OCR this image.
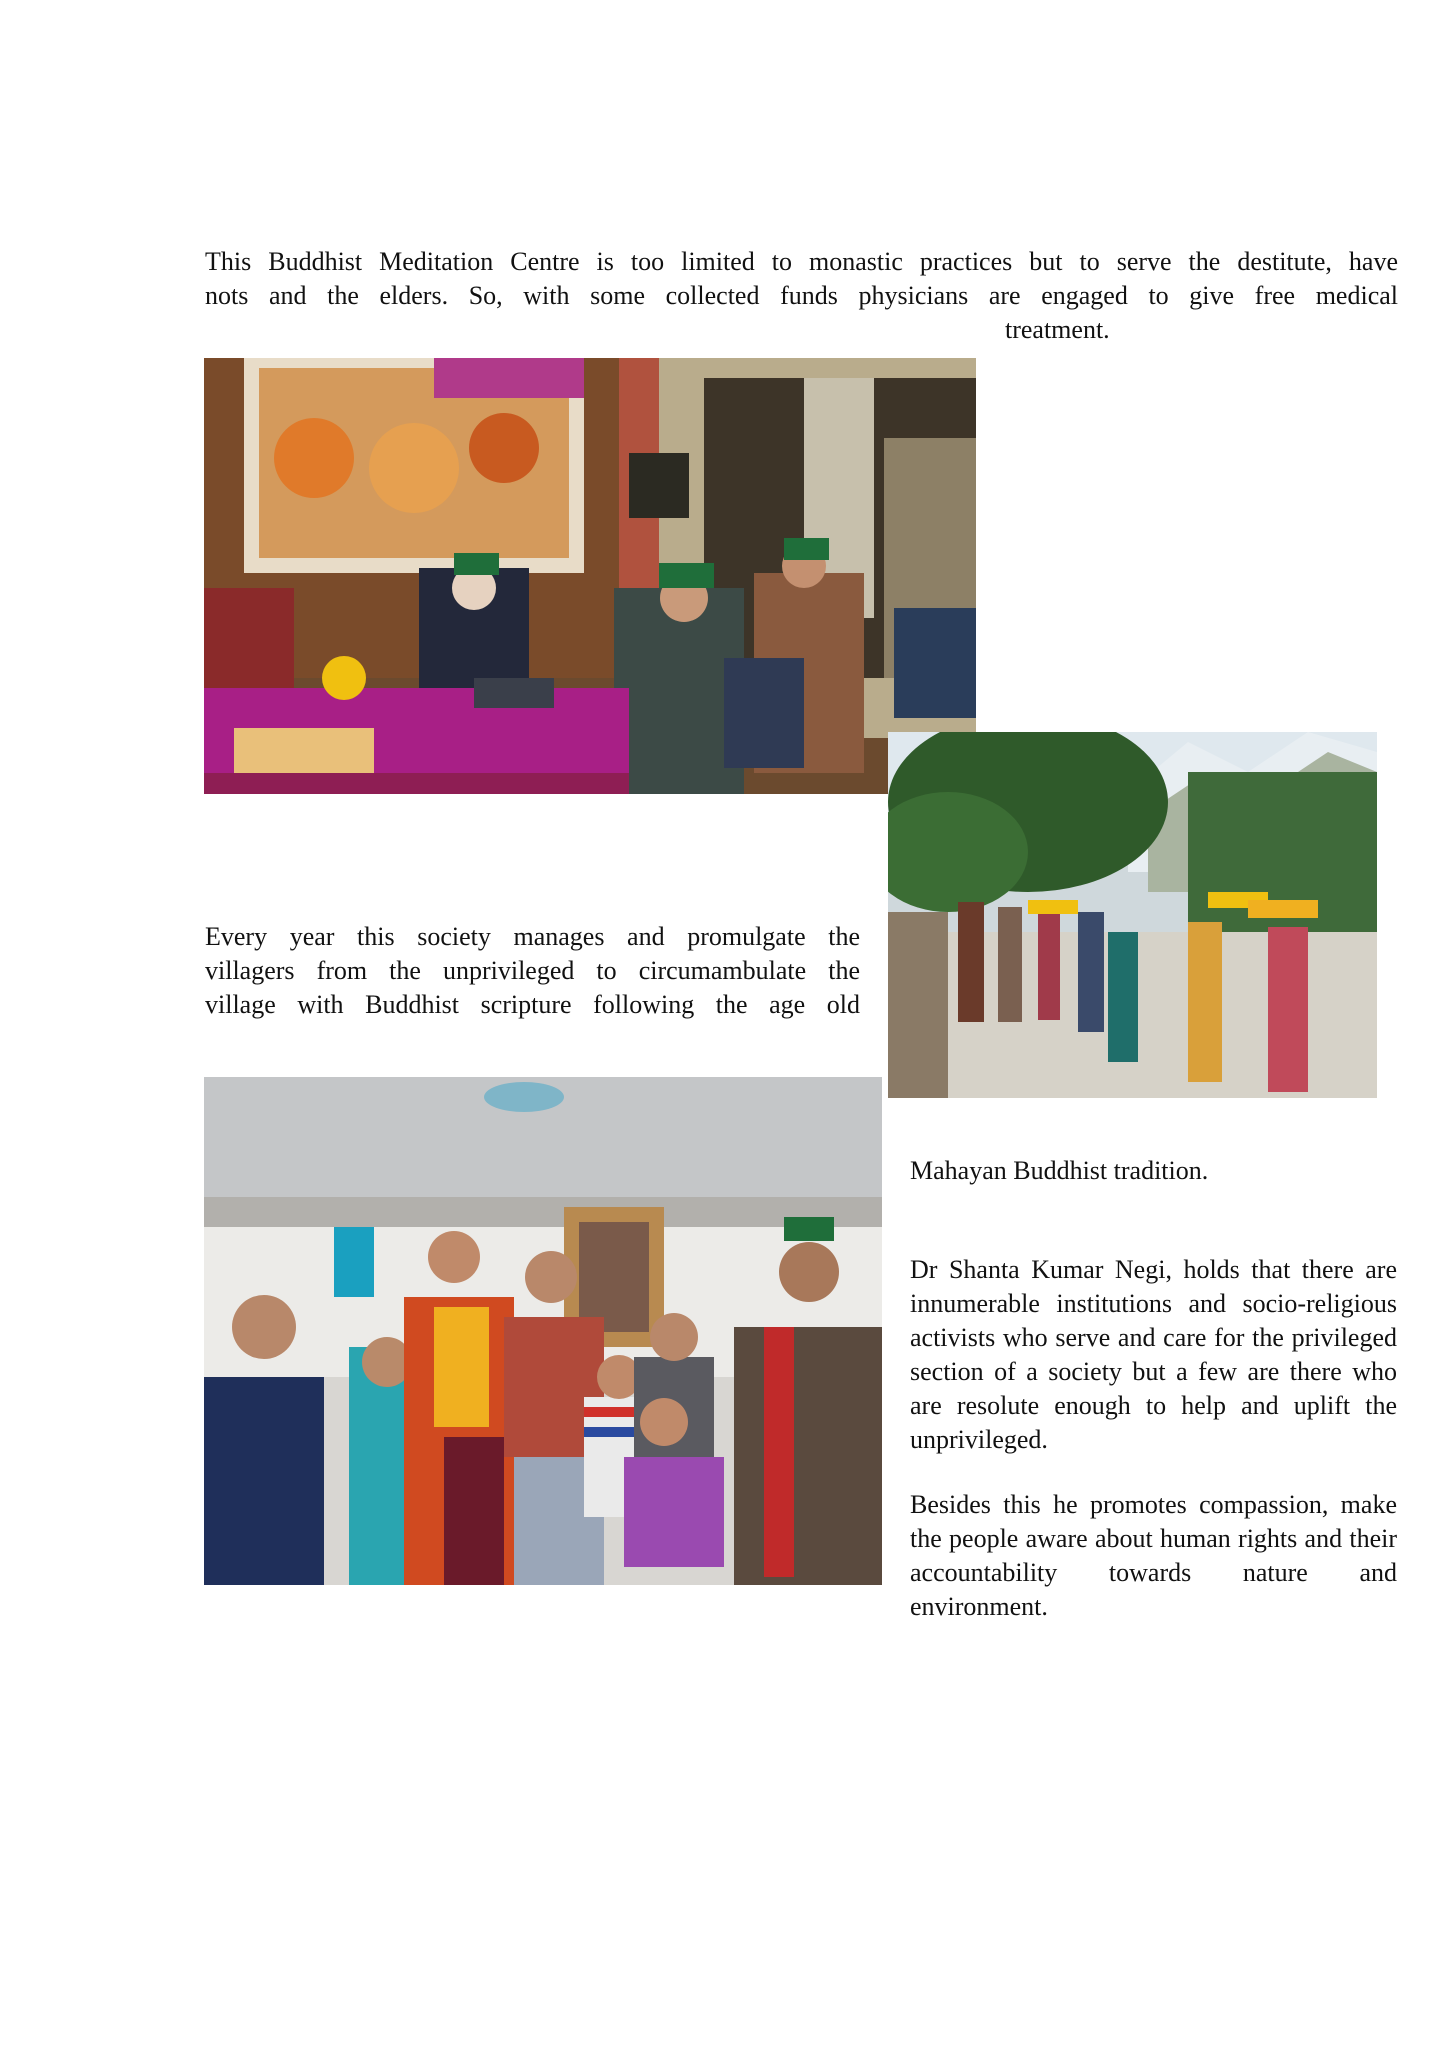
This Buddhist Meditation Centre is too limited to monastic practices but to serve the destitute, have
nots and the elders. So, with some collected funds physicians are engaged to give free medical
treatment.
Every year this society manages and promulgate the
villagers from the unprivileged to circumambulate the
village with Buddhist scripture following the age old
Mahayan Buddhist tradition.
Dr Shanta Kumar Negi, holds that there are innumerable institutions and socio-religious activists who serve and care for the privileged section of a society but a few are there who are resolute enough to help and uplift the unprivileged.
Besides this he promotes compassion, make the people aware about human rights and their accountability towards nature and environment.
